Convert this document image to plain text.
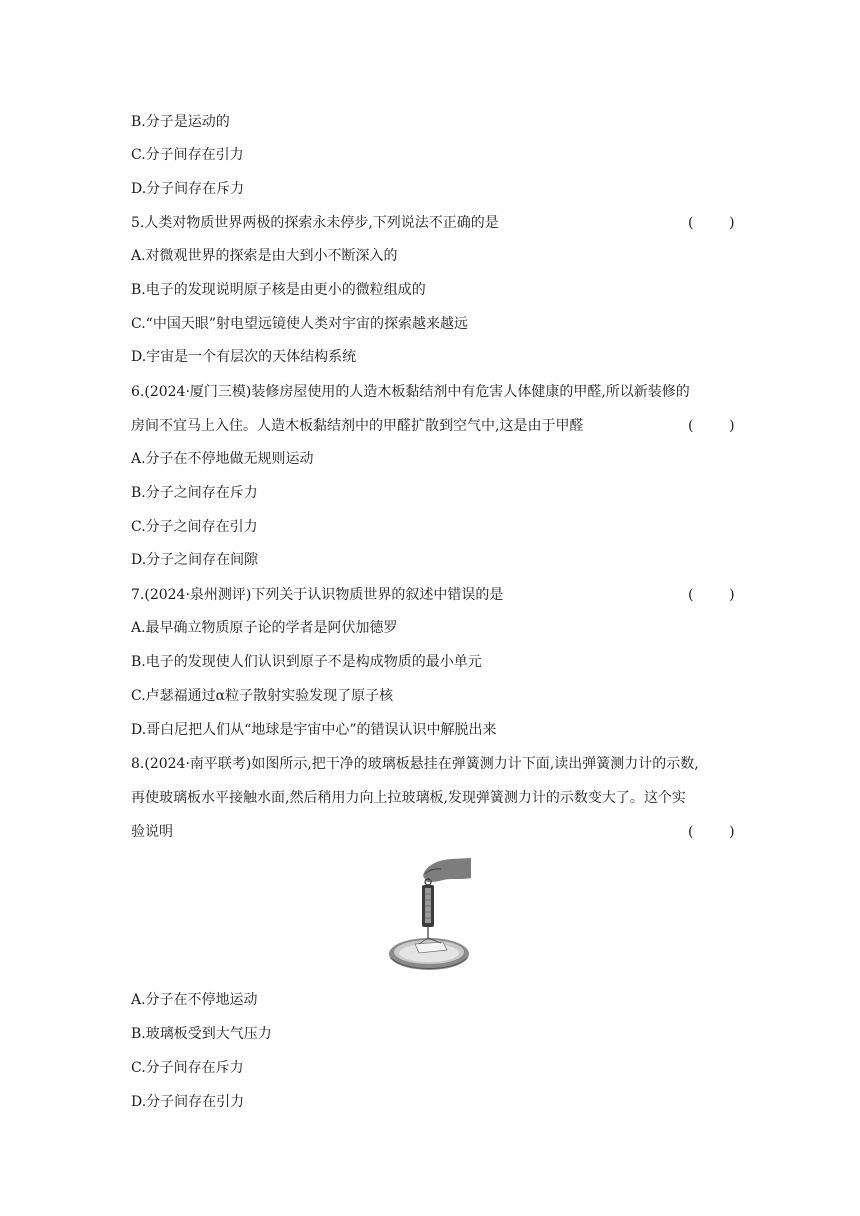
B.分子是运动的
C.分子间存在引力
D.分子间存在斥力
5.人类对物质世界两极的探索永未停步,下列说法不正确的是	(        )
A.对微观世界的探索是由大到小不断深入的
B.电子的发现说明原子核是由更小的微粒组成的
C.“中国天眼”射电望远镜使人类对宇宙的探索越来越远
D.宇宙是一个有层次的天体结构系统
6.(2024·厦门三模)装修房屋使用的人造木板黏结剂中有危害人体健康的甲醛,所以新装修的
房间不宜马上入住。人造木板黏结剂中的甲醛扩散到空气中,这是由于甲醛	(        )
A.分子在不停地做无规则运动
B.分子之间存在斥力
C.分子之间存在引力
D.分子之间存在间隙
7.(2024·泉州测评)下列关于认识物质世界的叙述中错误的是	(        )
A.最早确立物质原子论的学者是阿伏加德罗
B.电子的发现使人们认识到原子不是构成物质的最小单元
C.卢瑟福通过α粒子散射实验发现了原子核
D.哥白尼把人们从“地球是宇宙中心”的错误认识中解脱出来
8.(2024·南平联考)如图所示,把干净的玻璃板悬挂在弹簧测力计下面,读出弹簧测力计的示数,
再使玻璃板水平接触水面,然后稍用力向上拉玻璃板,发现弹簧测力计的示数变大了。这个实
验说明	(        )
A.分子在不停地运动
B.玻璃板受到大气压力
C.分子间存在斥力
D.分子间存在引力
